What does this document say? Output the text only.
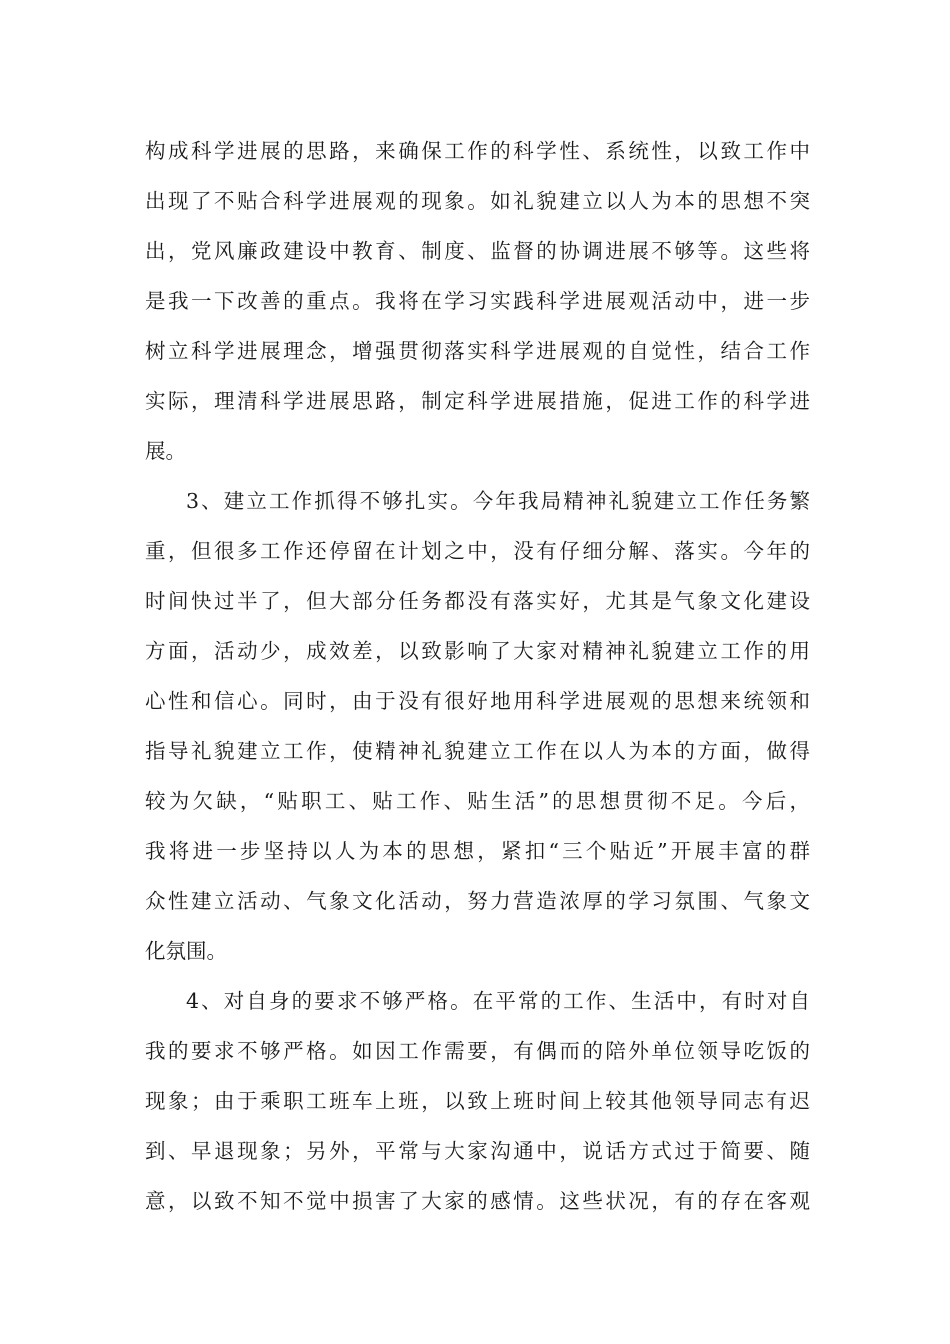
构成科学进展的思路，来确保工作的科学性、系统性，以致工作中
出现了不贴合科学进展观的现象。如礼貌建立以人为本的思想不突
出，党风廉政建设中教育、制度、监督的协调进展不够等。这些将
是我一下改善的重点。我将在学习实践科学进展观活动中，进一步
树立科学进展理念，增强贯彻落实科学进展观的自觉性，结合工作
实际，理清科学进展思路，制定科学进展措施，促进工作的科学进
展。
3、建立工作抓得不够扎实。今年我局精神礼貌建立工作任务繁
重，但很多工作还停留在计划之中，没有仔细分解、落实。今年的
时间快过半了，但大部分任务都没有落实好，尤其是气象文化建设
方面，活动少，成效差，以致影响了大家对精神礼貌建立工作的用
心性和信心。同时，由于没有很好地用科学进展观的思想来统领和
指导礼貌建立工作，使精神礼貌建立工作在以人为本的方面，做得
较为欠缺，“贴职工、贴工作、贴生活”的思想贯彻不足。今后，
我将进一步坚持以人为本的思想，紧扣“三个贴近”开展丰富的群
众性建立活动、气象文化活动，努力营造浓厚的学习氛围、气象文
化氛围。
4、对自身的要求不够严格。在平常的工作、生活中，有时对自
我的要求不够严格。如因工作需要，有偶而的陪外单位领导吃饭的
现象；由于乘职工班车上班，以致上班时间上较其他领导同志有迟
到、早退现象；另外，平常与大家沟通中，说话方式过于简要、随
意，以致不知不觉中损害了大家的感情。这些状况，有的存在客观
